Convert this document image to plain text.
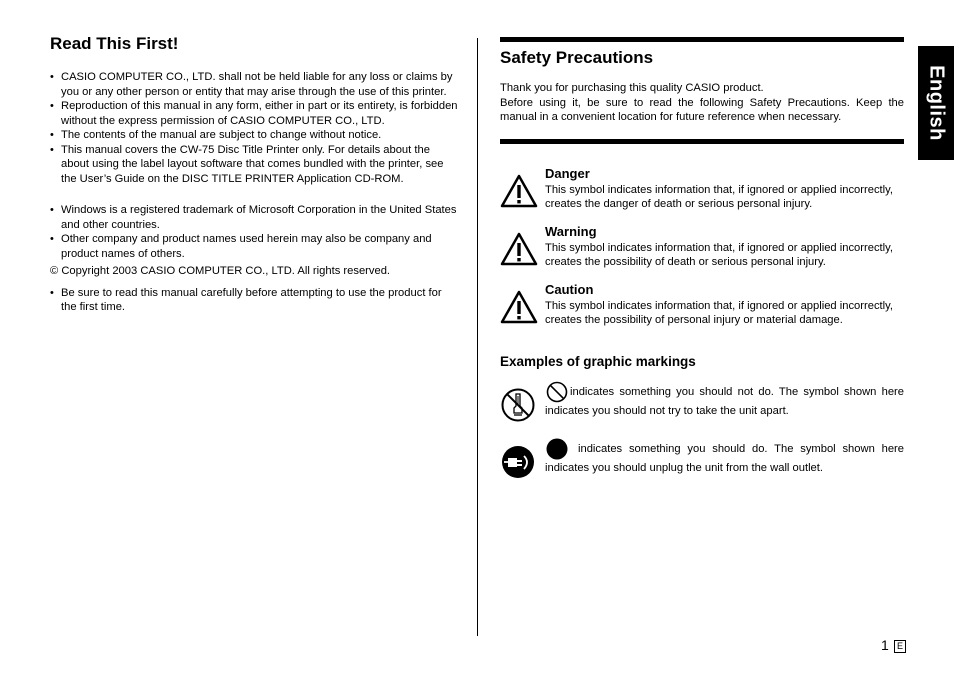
Read This First!
• CASIO COMPUTER CO., LTD. shall not be held liable for any loss or claims by you or any other person or entity that may arise through the use of this printer.
• Reproduction of this manual in any form, either in part or its entirety, is forbidden without the express permission of CASIO COMPUTER CO., LTD.
• The contents of the manual are subject to change without notice.
• This manual covers the CW-75 Disc Title Printer only. For details about the about using the label layout software that comes bundled with the printer, see the User’s Guide on the DISC TITLE PRINTER Application CD-ROM.
• Windows is a registered trademark of Microsoft Corporation in the United States and other countries.
• Other company and product names used herein may also be company and product names of others.
© Copyright 2003 CASIO COMPUTER CO., LTD. All rights reserved.
• Be sure to read this manual carefully before attempting to use the product for the first time.
Safety Precautions

Thank you for purchasing this quality CASIO product.

Before using it, be sure to read the following Safety Precautions. Keep the manual in a convenient location for future reference when necessary.

Danger
This symbol indicates information that, if ignored or applied incorrectly, creates the danger of death or serious personal injury.
Warning
This symbol indicates information that, if ignored or applied incorrectly, creates the possibility of death or serious personal injury.
Caution
This symbol indicates information that, if ignored or applied incorrectly, creates the possibility of personal injury or material damage.
Examples of graphic markings
indicates something you should not do. The symbol shown here
indicates you should not try to take the unit apart.
indicates something you should do. The symbol shown here
indicates you should unplug the unit from the wall outlet.
English
1 E
